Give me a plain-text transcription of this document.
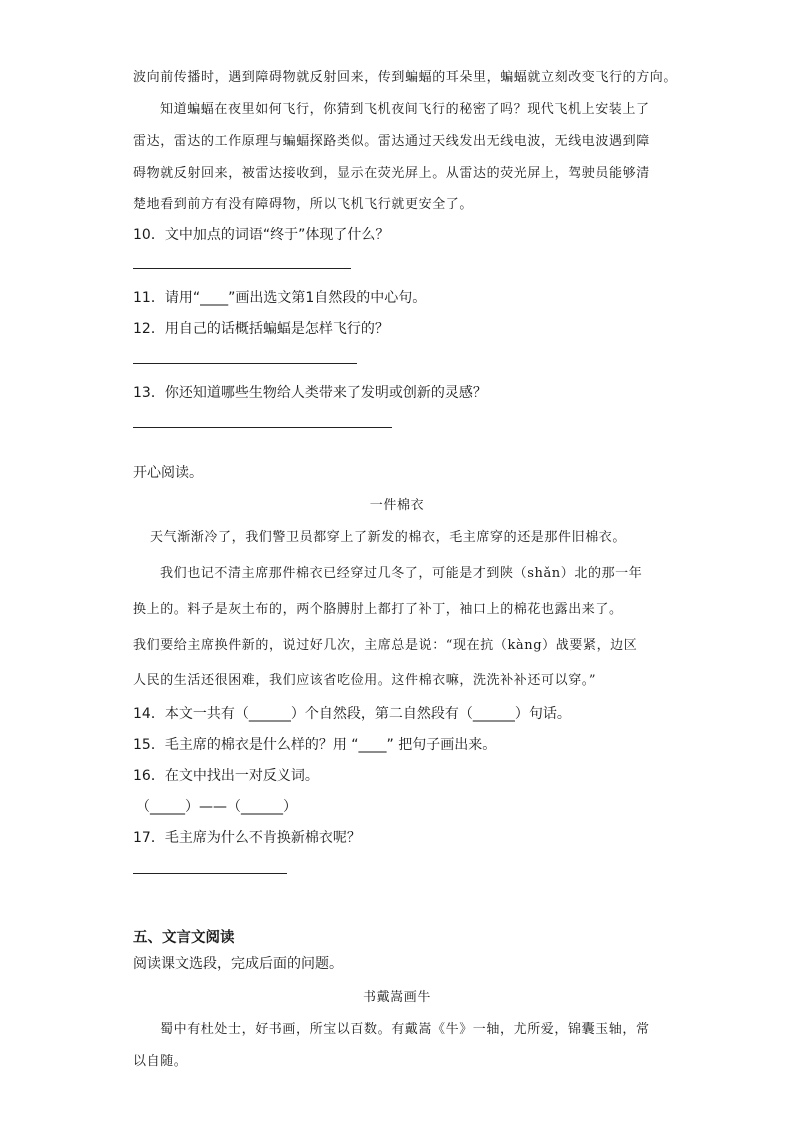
波向前传播时，遇到障碍物就反射回来，传到蝙蝠的耳朵里，蝙蝠就立刻改变飞行的方向。
知道蝙蝠在夜里如何飞行，你猜到飞机夜间飞行的秘密了吗？现代飞机上安装上了
雷达，雷达的工作原理与蝙蝠探路类似。雷达通过天线发出无线电波，无线电波遇到障
碍物就反射回来，被雷达接收到，显示在荧光屏上。从雷达的荧光屏上，驾驶员能够清
楚地看到前方有没有障碍物，所以飞机飞行就更安全了。
10．文中加点的词语“终于”体现了什么？
11．请用“____”画出选文第1自然段的中心句。
12．用自己的话概括蝙蝠是怎样飞行的？
13．你还知道哪些生物给人类带来了发明或创新的灵感？
开心阅读。
一件棉衣
天气渐渐冷了，我们警卫员都穿上了新发的棉衣，毛主席穿的还是那件旧棉衣。
我们也记不清主席那件棉衣已经穿过几冬了，可能是才到陕（shǎn）北的那一年
换上的。料子是灰土布的，两个胳膊肘上都打了补丁，袖口上的棉花也露出来了。
我们要给主席换件新的，说过好几次，主席总是说：“现在抗（kàng）战要紧，边区
人民的生活还很困难，我们应该省吃俭用。这件棉衣嘛，洗洗补补还可以穿。”
14．本文一共有（______）个自然段，第二自然段有（______）句话。
15．毛主席的棉衣是什么样的？用 “____” 把句子画出来。
16．在文中找出一对反义词。
（_____）——（______）
17．毛主席为什么不肯换新棉衣呢？
五、文言文阅读
阅读课文选段，完成后面的问题。
书戴嵩画牛
蜀中有杜处士，好书画，所宝以百数。有戴嵩《牛》一轴，尤所爱，锦囊玉轴，常
以自随。
